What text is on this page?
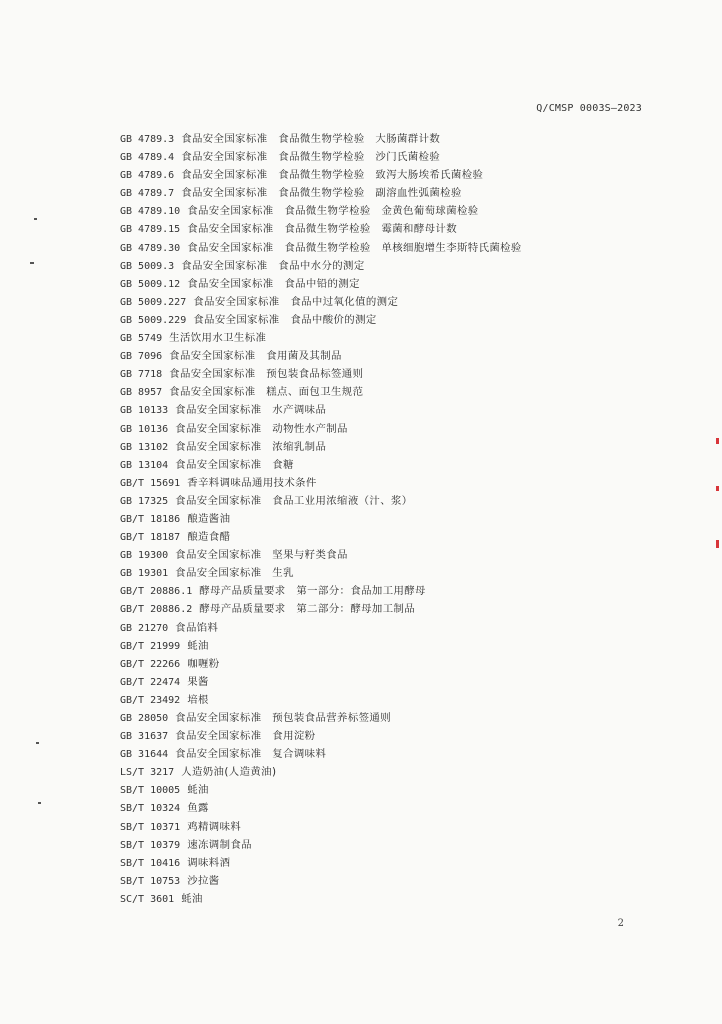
Q/CMSP 0003S—2023
GB 4789.3 食品安全国家标准　食品微生物学检验　大肠菌群计数
GB 4789.4 食品安全国家标准　食品微生物学检验　沙门氏菌检验
GB 4789.6 食品安全国家标准　食品微生物学检验　致泻大肠埃希氏菌检验
GB 4789.7 食品安全国家标准　食品微生物学检验　副溶血性弧菌检验
GB 4789.10 食品安全国家标准　食品微生物学检验　金黄色葡萄球菌检验
GB 4789.15 食品安全国家标准　食品微生物学检验　霉菌和酵母计数
GB 4789.30 食品安全国家标准　食品微生物学检验　单核细胞增生李斯特氏菌检验
GB 5009.3 食品安全国家标准　食品中水分的测定
GB 5009.12 食品安全国家标准　食品中铅的测定
GB 5009.227 食品安全国家标准　食品中过氧化值的测定
GB 5009.229 食品安全国家标准　食品中酸价的测定
GB 5749 生活饮用水卫生标准
GB 7096 食品安全国家标准　食用菌及其制品
GB 7718 食品安全国家标准　预包装食品标签通则
GB 8957 食品安全国家标准　糕点、面包卫生规范
GB 10133 食品安全国家标准　水产调味品
GB 10136 食品安全国家标准　动物性水产制品
GB 13102 食品安全国家标准　浓缩乳制品
GB 13104 食品安全国家标准　食糖
GB/T 15691 香辛料调味品通用技术条件
GB 17325 食品安全国家标准　食品工业用浓缩液（汁、浆）
GB/T 18186 酿造酱油
GB/T 18187 酿造食醋
GB 19300 食品安全国家标准　坚果与籽类食品
GB 19301 食品安全国家标准　生乳
GB/T 20886.1 酵母产品质量要求　第一部分：食品加工用酵母
GB/T 20886.2 酵母产品质量要求　第二部分：酵母加工制品
GB 21270 食品馅料
GB/T 21999 蚝油
GB/T 22266 咖喱粉
GB/T 22474 果酱
GB/T 23492 培根
GB 28050 食品安全国家标准　预包装食品营养标签通则
GB 31637 食品安全国家标准　食用淀粉
GB 31644 食品安全国家标准　复合调味料
LS/T 3217 人造奶油(人造黄油)
SB/T 10005 蚝油
SB/T 10324 鱼露
SB/T 10371 鸡精调味料
SB/T 10379 速冻调制食品
SB/T 10416 调味料酒
SB/T 10753 沙拉酱
SC/T 3601 蚝油
2
